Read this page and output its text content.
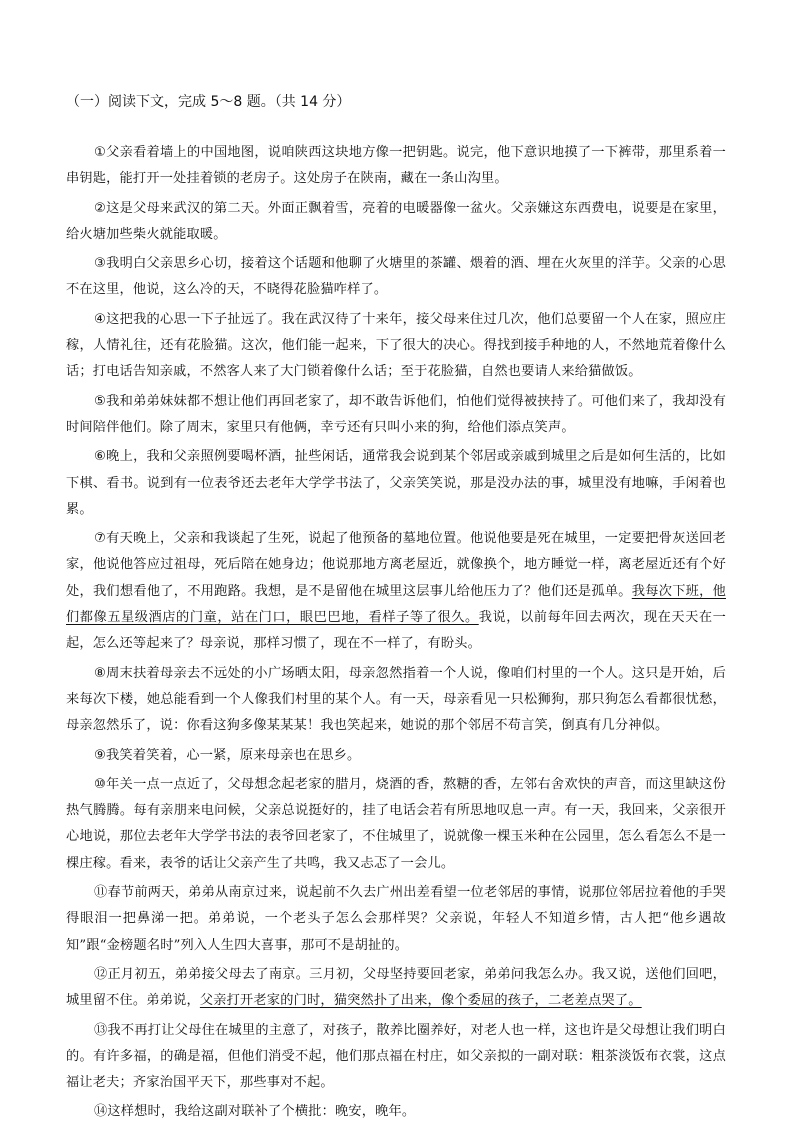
（一）阅读下文，完成 5～8 题。（共 14 分）

①父亲看着墙上的中国地图，说咱陕西这块地方像一把钥匙。说完，他下意识地摸了一下裤带，那里系着一串钥匙，能打开一处挂着锁的老房子。这处房子在陕南，藏在一条山沟里。

②这是父母来武汉的第二天。外面正飘着雪，亮着的电暖器像一盆火。父亲嫌这东西费电，说要是在家里，给火塘加些柴火就能取暖。

③我明白父亲思乡心切，接着这个话题和他聊了火塘里的茶罐、煨着的酒、埋在火灰里的洋芋。父亲的心思不在这里，他说，这么冷的天，不晓得花脸猫咋样了。

④这把我的心思一下子扯远了。我在武汉待了十来年，接父母来住过几次，他们总要留一个人在家，照应庄稼，人情礼往，还有花脸猫。这次，他们能一起来，下了很大的决心。得找到接手种地的人，不然地荒着像什么话；打电话告知亲戚，不然客人来了大门锁着像什么话；至于花脸猫，自然也要请人来给猫做饭。

⑤我和弟弟妹妹都不想让他们再回老家了，却不敢告诉他们，怕他们觉得被挟持了。可他们来了，我却没有时间陪伴他们。除了周末，家里只有他俩，幸亏还有只叫小来的狗，给他们添点笑声。

⑥晚上，我和父亲照例要喝杯酒，扯些闲话，通常我会说到某个邻居或亲戚到城里之后是如何生活的，比如下棋、看书。说到有一位表爷还去老年大学学书法了，父亲笑笑说，那是没办法的事，城里没有地嘛，手闲着也累。

⑦有天晚上，父亲和我谈起了生死，说起了他预备的墓地位置。他说他要是死在城里，一定要把骨灰送回老家，他说他答应过祖母，死后陪在她身边；他说那地方离老屋近，就像换个，地方睡觉一样，离老屋近还有个好处，我们想看他了，不用跑路。我想，是不是留他在城里这层事儿给他压力了？他们还是孤单。我每次下班，他们都像五星级酒店的门童，站在门口，眼巴巴地，看样子等了很久。我说，以前每年回去两次，现在天天在一起，怎么还等起来了？母亲说，那样习惯了，现在不一样了，有盼头。

⑧周末扶着母亲去不远处的小广场晒太阳，母亲忽然指着一个人说，像咱们村里的一个人。这只是开始，后来每次下楼，她总能看到一个人像我们村里的某个人。有一天，母亲看见一只松狮狗，那只狗怎么看都很忧愁，母亲忽然乐了，说：你看这狗多像某某某！我也笑起来，她说的那个邻居不苟言笑，倒真有几分神似。

⑨我笑着笑着，心一紧，原来母亲也在思乡。

⑩年关一点一点近了，父母想念起老家的腊月，烧酒的香，熬糖的香，左邻右舍欢快的声音，而这里缺这份热气腾腾。每有亲朋来电问候，父亲总说挺好的，挂了电话会若有所思地叹息一声。有一天，我回来，父亲很开心地说，那位去老年大学学书法的表爷回老家了，不住城里了，说就像一棵玉米种在公园里，怎么看怎么不是一棵庄稼。看来，表爷的话让父亲产生了共鸣，我又忐忑了一会儿。

⑪春节前两天，弟弟从南京过来，说起前不久去广州出差看望一位老邻居的事情，说那位邻居拉着他的手哭得眼泪一把鼻涕一把。弟弟说，一个老头子怎么会那样哭？父亲说，年轻人不知道乡情，古人把“他乡遇故知”跟“金榜题名时”列入人生四大喜事，那可不是胡扯的。

⑫正月初五，弟弟接父母去了南京。三月初，父母坚持要回老家，弟弟问我怎么办。我又说，送他们回吧，城里留不住。弟弟说，父亲打开老家的门时，猫突然扑了出来，像个委屈的孩子，二老差点哭了。

⑬我不再打让父母住在城里的主意了，对孩子，散养比圈养好，对老人也一样，这也许是父母想让我们明白的。有许多福，的确是福，但他们消受不起，他们那点福在村庄，如父亲拟的一副对联：粗茶淡饭布衣裳，这点福让老夫；齐家治国平天下，那些事对不起。

⑭这样想时，我给这副对联补了个横批：晚安，晚年。
